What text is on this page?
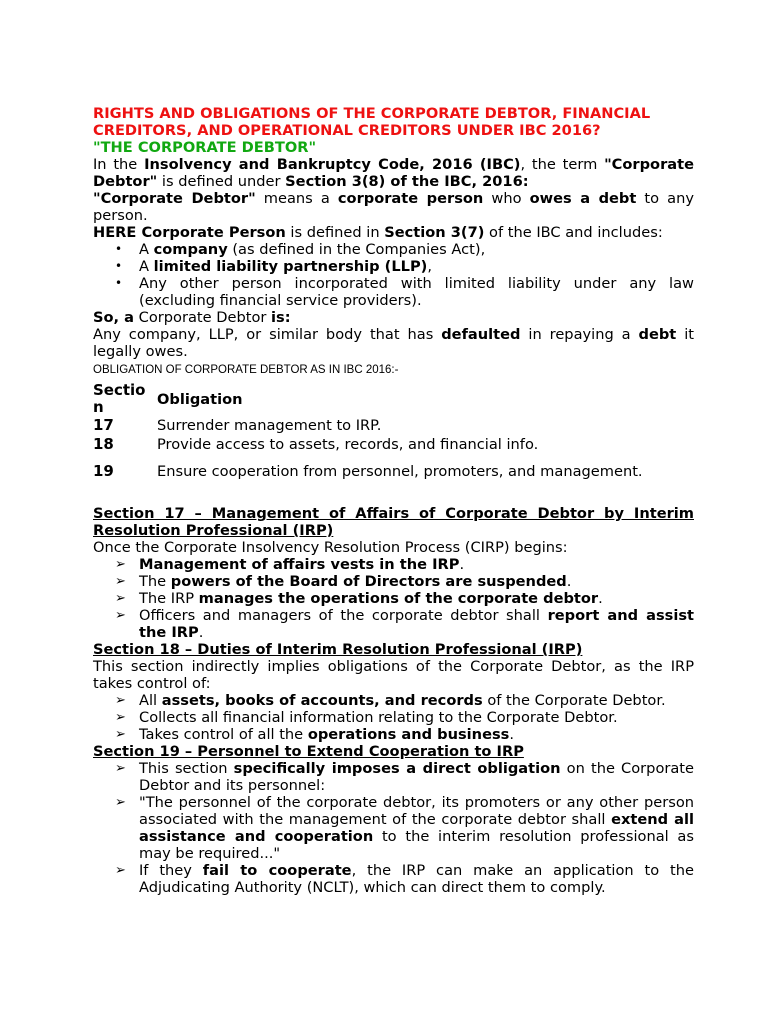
RIGHTS AND OBLIGATIONS OF THE CORPORATE DEBTOR, FINANCIAL
CREDITORS, AND OPERATIONAL CREDITORS UNDER IBC 2016?

"THE CORPORATE DEBTOR"

In the Insolvency and Bankruptcy Code, 2016 (IBC), the term "Corporate Debtor" is defined under Section 3(8) of the IBC, 2016:

"Corporate Debtor" means a corporate person who owes a debt to any person.

HERE Corporate Person is defined in Section 3(7) of the IBC and includes:

• A company (as defined in the Companies Act),
• A limited liability partnership (LLP),
• Any other person incorporated with limited liability under any law (excluding financial service providers).

So, a Corporate Debtor is:

Any company, LLP, or similar body that has defaulted in repaying a debt it legally owes.

OBLIGATION OF CORPORATE DEBTOR AS IN IBC 2016:-

Section	Obligation
17	Surrender management to IRP.
18	Provide access to assets, records, and financial info.
19	Ensure cooperation from personnel, promoters, and management.

Section 17 – Management of Affairs of Corporate Debtor by Interim Resolution Professional (IRP)

Once the Corporate Insolvency Resolution Process (CIRP) begins:

➢ Management of affairs vests in the IRP.
➢ The powers of the Board of Directors are suspended.
➢ The IRP manages the operations of the corporate debtor.
➢ Officers and managers of the corporate debtor shall report and assist the IRP.

Section 18 – Duties of Interim Resolution Professional (IRP)

This section indirectly implies obligations of the Corporate Debtor, as the IRP takes control of:

➢ All assets, books of accounts, and records of the Corporate Debtor.
➢ Collects all financial information relating to the Corporate Debtor.
➢ Takes control of all the operations and business.

Section 19 – Personnel to Extend Cooperation to IRP

➢ This section specifically imposes a direct obligation on the Corporate Debtor and its personnel:
➢ "The personnel of the corporate debtor, its promoters or any other person associated with the management of the corporate debtor shall extend all assistance and cooperation to the interim resolution professional as may be required..."
➢ If they fail to cooperate, the IRP can make an application to the Adjudicating Authority (NCLT), which can direct them to comply.
